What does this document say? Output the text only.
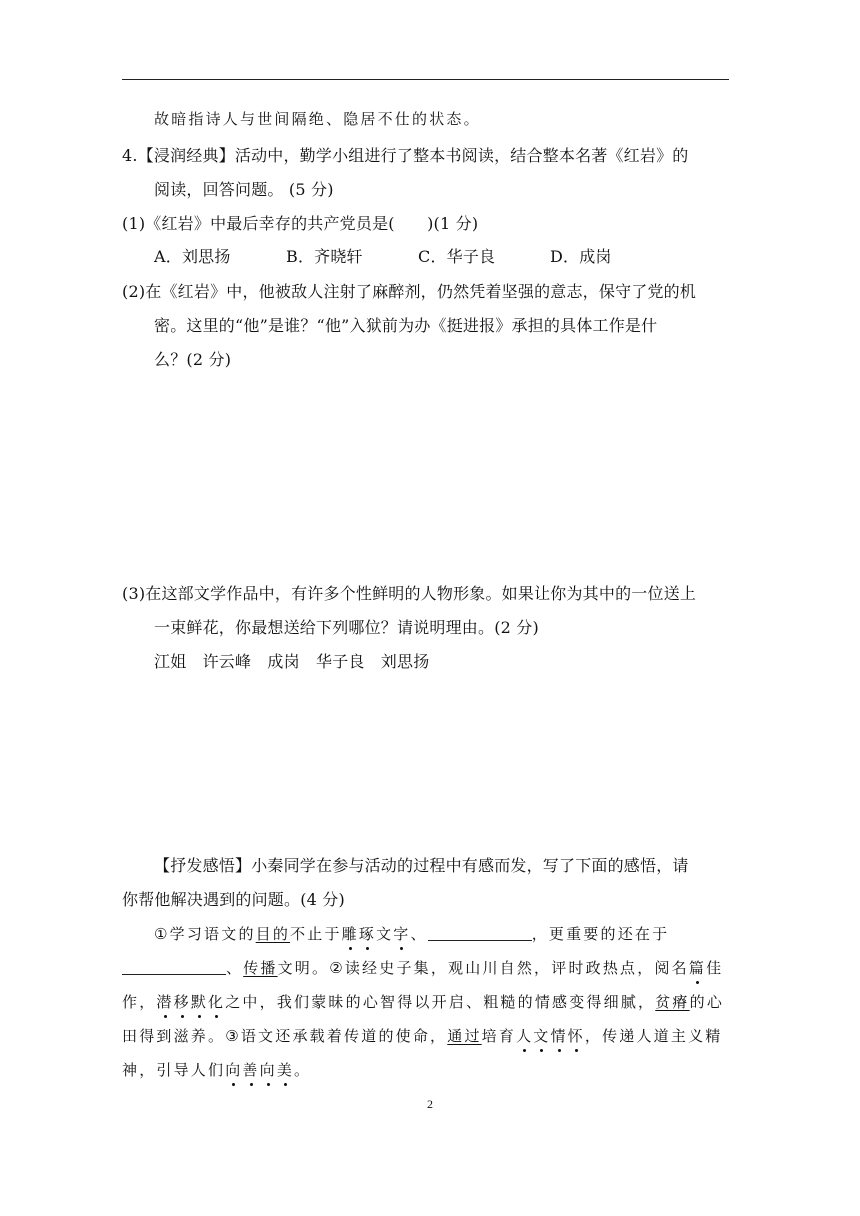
故暗指诗人与世间隔绝、隐居不仕的状态。
4.【浸润经典】活动中，勤学小组进行了整本书阅读，结合整本名著《红岩》的
阅读，回答问题。 (5 分)
(1)《红岩》中最后幸存的共产党员是(　　)(1 分)
A．刘思扬	B．齐晓轩	C．华子良	D．成岗
(2)在《红岩》中，他被敌人注射了麻醉剂，仍然凭着坚强的意志，保守了党的机
密。这里的“他”是谁？“他”入狱前为办《挺进报》承担的具体工作是什
么？(2 分)
(3)在这部文学作品中，有许多个性鲜明的人物形象。如果让你为其中的一位送上
一束鲜花，你最想送给下列哪位？请说明理由。(2 分)
江姐　许云峰　成岗　华子良　刘思扬
【抒发感悟】小秦同学在参与活动的过程中有感而发，写了下面的感悟，请
你帮他解决遇到的问题。(4 分)
①学习语文的目的不止于雕琢文字、	，更重要的还在于
、传播文明。②读经史子集，观山川自然，评时政热点，阅名篇佳
作，潜移默化之中，我们蒙昧的心智得以开启、粗糙的情感变得细腻，贫瘠的心
田得到滋养。③语文还承载着传道的使命，通过培育人文情怀，传递人道主义精
神，引导人们向善向美。
2
